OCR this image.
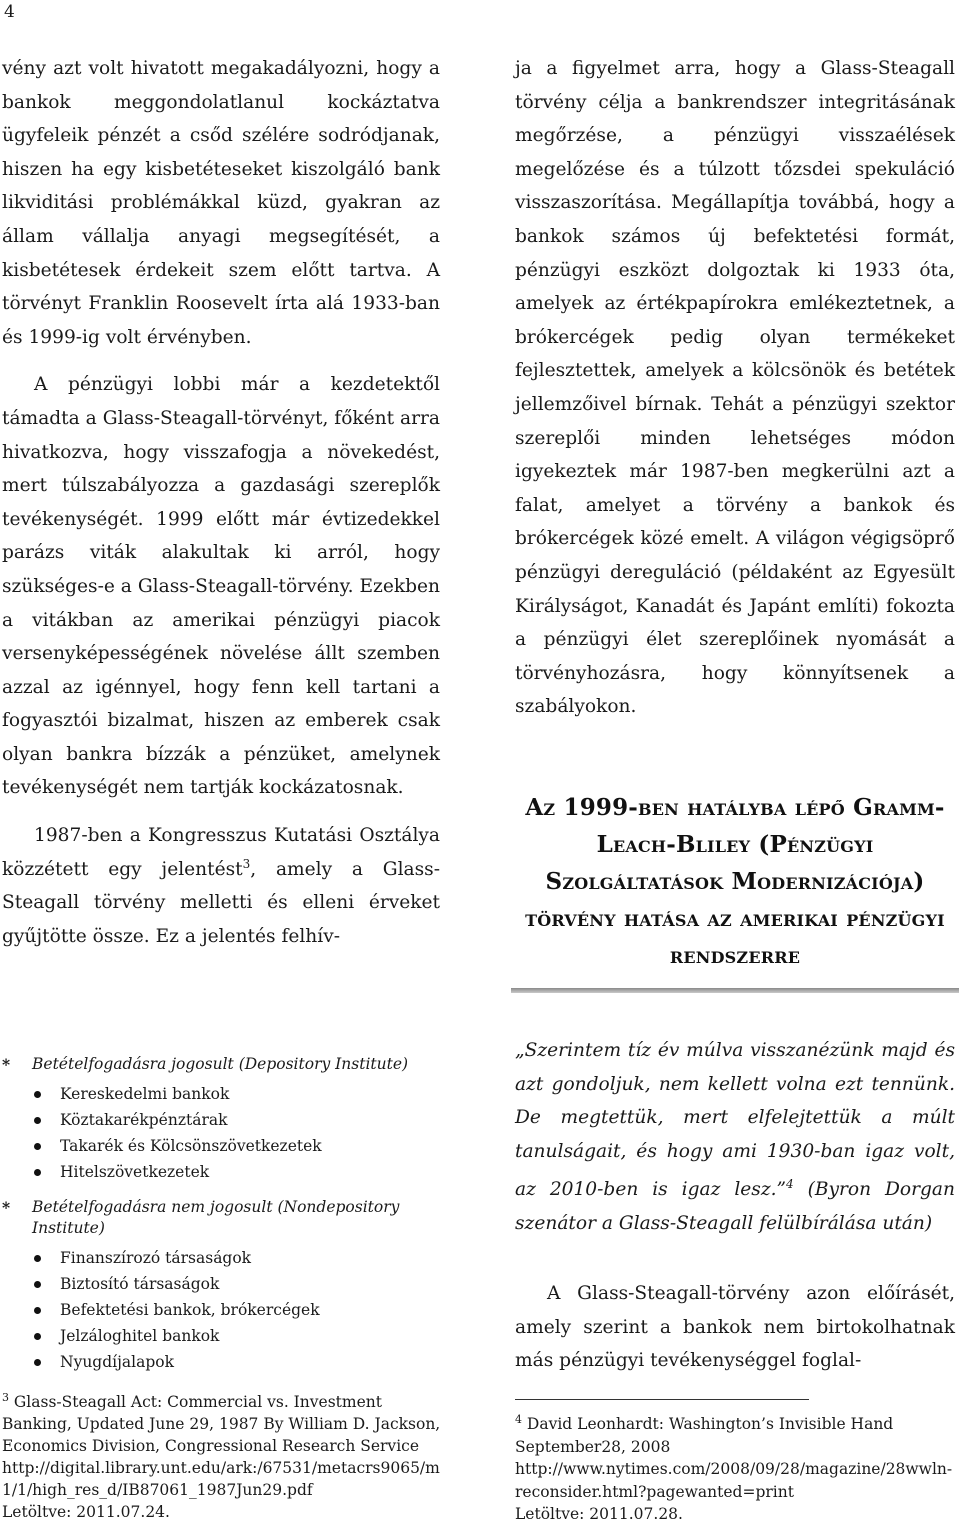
4

vény azt volt hivatott megakadályozni, hogy a bankok meggondolatlanul kockáztatva ügyfeleik pénzét a csőd szélére sodródjanak, hiszen ha egy kisbetéteseket kiszolgáló bank likviditási problémákkal küzd, gyakran az állam vállalja anyagi megsegítését, a kisbetétesek érdekeit szem előtt tartva. A törvényt Franklin Roosevelt írta alá 1933-ban és 1999-ig volt érvényben.

A pénzügyi lobbi már a kezdetektől támadta a Glass-Steagall-törvényt, főként arra hivatkozva, hogy visszafogja a növekedést, mert túlszabályozza a gazdasági szereplők tevékenységét. 1999 előtt már évtizedekkel parázs viták alakultak ki arról, hogy szükséges-e a Glass-Steagall-törvény. Ezekben a vitákban az amerikai pénzügyi piacok versenyképességének növelése állt szemben azzal az igénnyel, hogy fenn kell tartani a fogyasztói bizalmat, hiszen az emberek csak olyan bankra bízzák a pénzüket, amelynek tevékenységét nem tartják kockázatosnak.

1987-ben a Kongresszus Kutatási Osztálya közzétett egy jelentést$^3$, amely a Glass-Steagall törvény melletti és elleni érveket gyűjtötte össze. Ez a jelentés felhív-

ja a figyelmet arra, hogy a Glass-Steagall törvény célja a bankrendszer integritásának megőrzése, a pénzügyi visszaélések megelőzése és a túlzott tőzsdei spekuláció visszaszorítása. Megállapítja továbbá, hogy a bankok számos új befektetési formát, pénzügyi eszközt dolgoztak ki 1933 óta, amelyek az értékpapírokra emlékeztetnek, a brókercégek pedig olyan termékeket fejlesztettek, amelyek a kölcsönök és betétek jellemzőivel bírnak. Tehát a pénzügyi szektor szereplői minden lehetséges módon igyekeztek már 1987-ben megkerülni azt a falat, amelyet a törvény a bankok és brókercégek közé emelt. A világon végigsöprő pénzügyi dereguláció (példaként az Egyesült Királyságot, Kanadát és Japánt említi) fokozta a pénzügyi élet szereplőinek nyomását a törvényhozásra, hogy könnyítsenek a szabályokon.

Az 1999-ben hatályba lépő Gramm-Leach-Bliley (Pénzügyi Szolgáltatások Modernizációja) törvény hatása az amerikai pénzügyi rendszerre
* Betételfogadásra jogosult (Depository Institute)
Kereskedelmi bankok
Köztakarékpénztárak
Takarék és Kölcsönszövetkezetek
Hitelszövetkezetek
* Betételfogadásra nem jogosult (Nondepository Institute)
Finanszírozó társaságok
Biztosító társaságok
Befektetési bankok, brókercégek
Jelzáloghitel bankok
Nyugdíjalapok
$^3$ Glass-Steagall Act: Commercial vs. Investment Banking, Updated June 29, 1987 By William D. Jackson, Economics Division, Congressional Research Service
http://digital.library.unt.edu/ark:/67531/metacrs9065/m1/1/high_res_d/IB87061_1987Jun29.pdf
Letöltve: 2011.07.24.

„Szerintem tíz év múlva visszanézünk majd és azt gondoljuk, nem kellett volna ezt tennünk. De megtettük, mert elfelejtettük a múlt tanulságait, és hogy ami 1930-ban igaz volt, az 2010-ben is igaz lesz.”$^4$ (Byron Dorgan szenátor a Glass-Steagall felülbírálása után)

A Glass-Steagall-törvény azon előírásét, amely szerint a bankok nem birtokolhatnak más pénzügyi tevékenységgel foglal-

$^4$ David Leonhardt: Washington’s Invisible Hand
September28, 2008
http://www.nytimes.com/2008/09/28/magazine/28wwln-reconsider.html?pagewanted=print
Letöltve: 2011.07.28.
